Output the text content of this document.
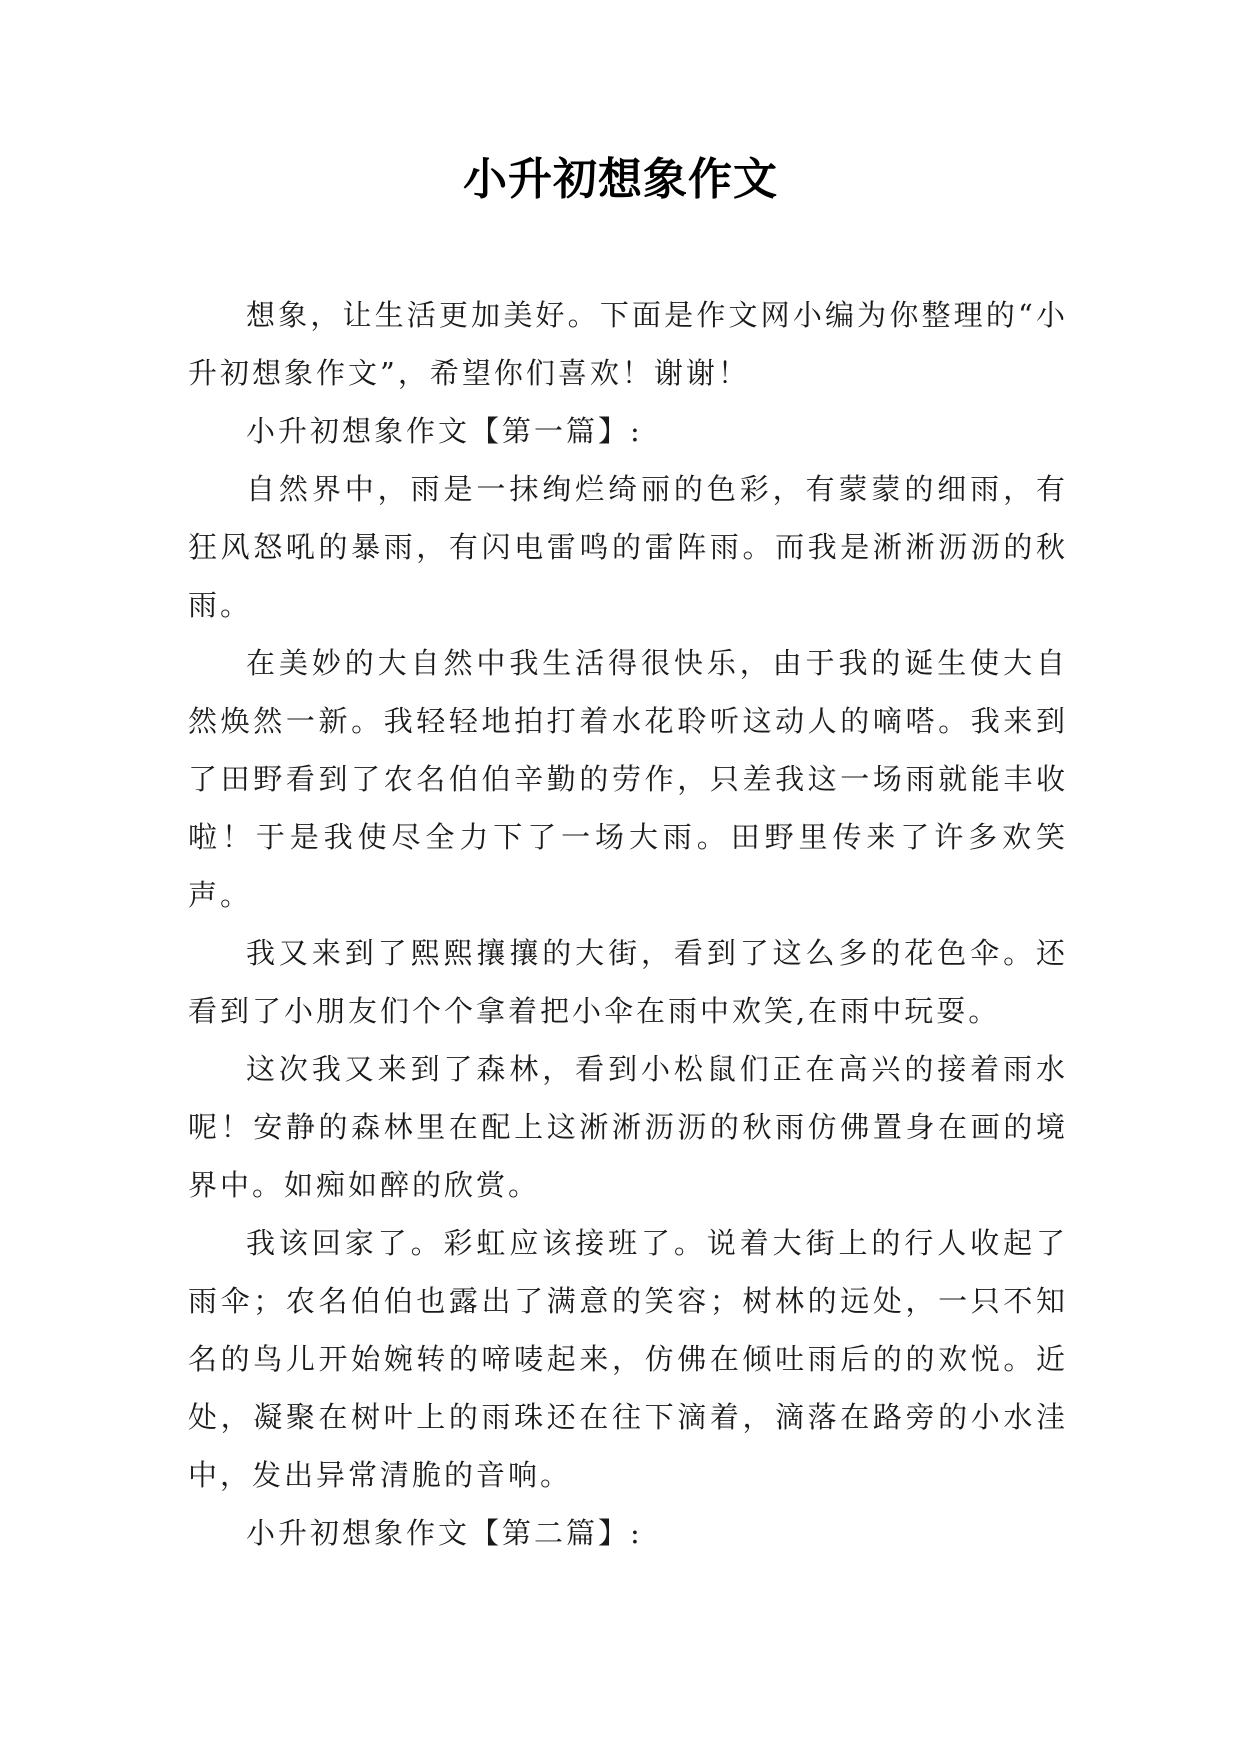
小升初想象作文

想象，让生活更加美好。下面是作文网小编为你整理的“小升初想象作文”，希望你们喜欢！谢谢！

小升初想象作文【第一篇】:

自然界中，雨是一抹绚烂绮丽的色彩，有蒙蒙的细雨，有狂风怒吼的暴雨，有闪电雷鸣的雷阵雨。而我是淅淅沥沥的秋雨。

在美妙的大自然中我生活得很快乐，由于我的诞生使大自然焕然一新。我轻轻地拍打着水花聆听这动人的嘀嗒。我来到了田野看到了农名伯伯辛勤的劳作，只差我这一场雨就能丰收啦！于是我使尽全力下了一场大雨。田野里传来了许多欢笑声。

我又来到了熙熙攘攘的大街，看到了这么多的花色伞。还看到了小朋友们个个拿着把小伞在雨中欢笑,在雨中玩耍。

这次我又来到了森林，看到小松鼠们正在高兴的接着雨水呢！安静的森林里在配上这淅淅沥沥的秋雨仿佛置身在画的境界中。如痴如醉的欣赏。

我该回家了。彩虹应该接班了。说着大街上的行人收起了雨伞；农名伯伯也露出了满意的笑容；树林的远处，一只不知名的鸟儿开始婉转的啼唛起来，仿佛在倾吐雨后的的欢悦。近处，凝聚在树叶上的雨珠还在往下滴着，滴落在路旁的小水洼中，发出异常清脆的音响。

小升初想象作文【第二篇】:
